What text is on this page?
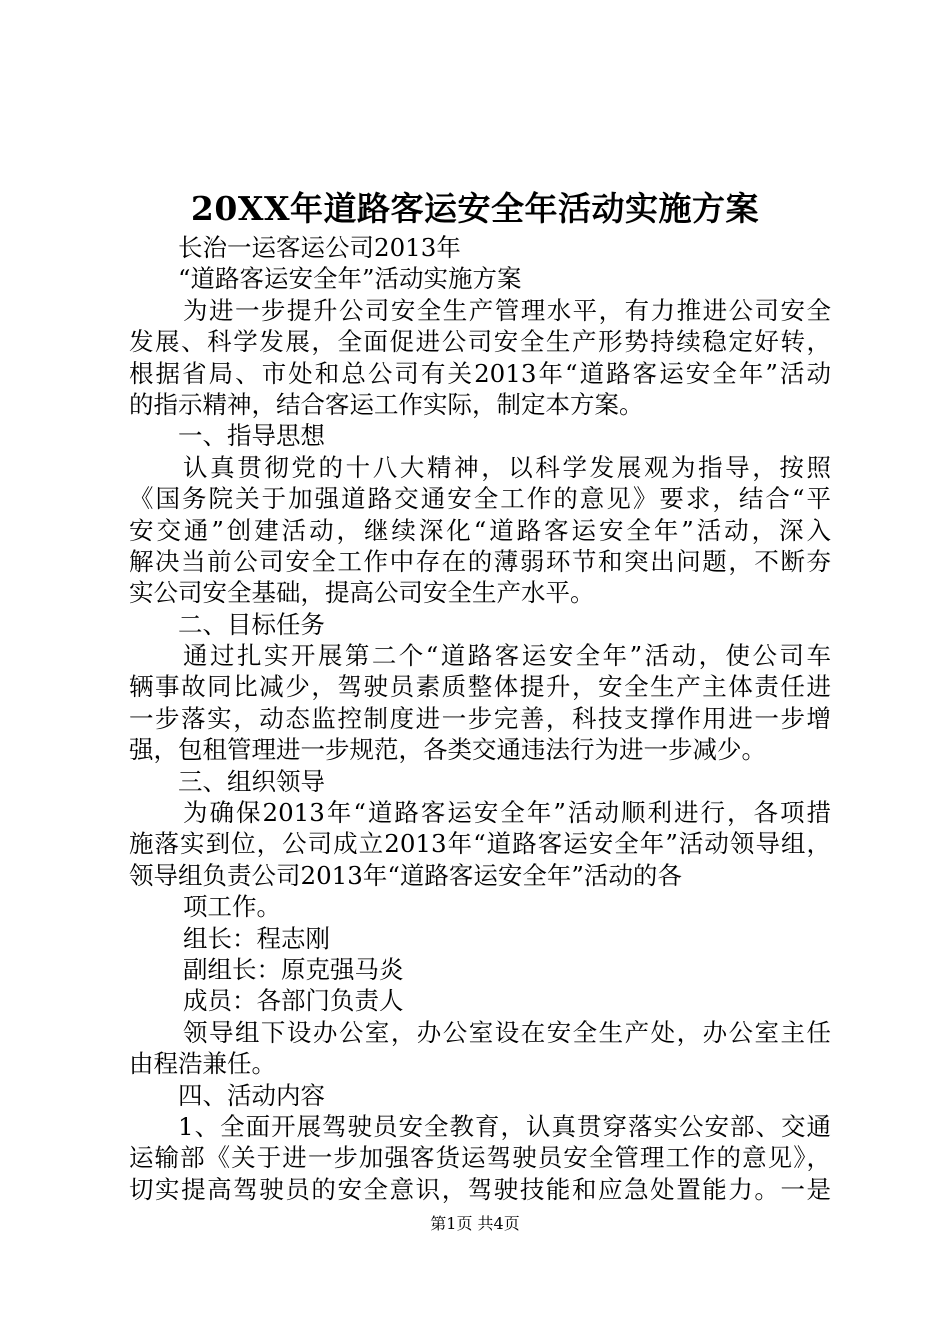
20XX年道路客运安全年活动实施方案
长治一运客运公司2013年
“道路客运安全年”活动实施方案
为进一步提升公司安全生产管理水平，有力推进公司安全
发展、科学发展，全面促进公司安全生产形势持续稳定好转，
根据省局、市处和总公司有关2013年“道路客运安全年”活动
的指示精神，结合客运工作实际，制定本方案。
一、指导思想
认真贯彻党的十八大精神，以科学发展观为指导，按照
《国务院关于加强道路交通安全工作的意见》要求，结合“平
安交通”创建活动，继续深化“道路客运安全年”活动，深入
解决当前公司安全工作中存在的薄弱环节和突出问题，不断夯
实公司安全基础，提高公司安全生产水平。
二、目标任务
通过扎实开展第二个“道路客运安全年”活动，使公司车
辆事故同比减少，驾驶员素质整体提升，安全生产主体责任进
一步落实，动态监控制度进一步完善，科技支撑作用进一步增
强，包租管理进一步规范，各类交通违法行为进一步减少。
三、组织领导
为确保2013年“道路客运安全年”活动顺利进行，各项措
施落实到位，公司成立2013年“道路客运安全年”活动领导组，
领导组负责公司2013年“道路客运安全年”活动的各
项工作。
组长：程志刚
副组长：原克强马炎
成员：各部门负责人
领导组下设办公室，办公室设在安全生产处，办公室主任
由程浩兼任。
四、活动内容
1、全面开展驾驶员安全教育，认真贯穿落实公安部、交通
运输部《关于进一步加强客货运驾驶员安全管理工作的意见》，
切实提高驾驶员的安全意识，驾驶技能和应急处置能力。一是
第1页 共4页
